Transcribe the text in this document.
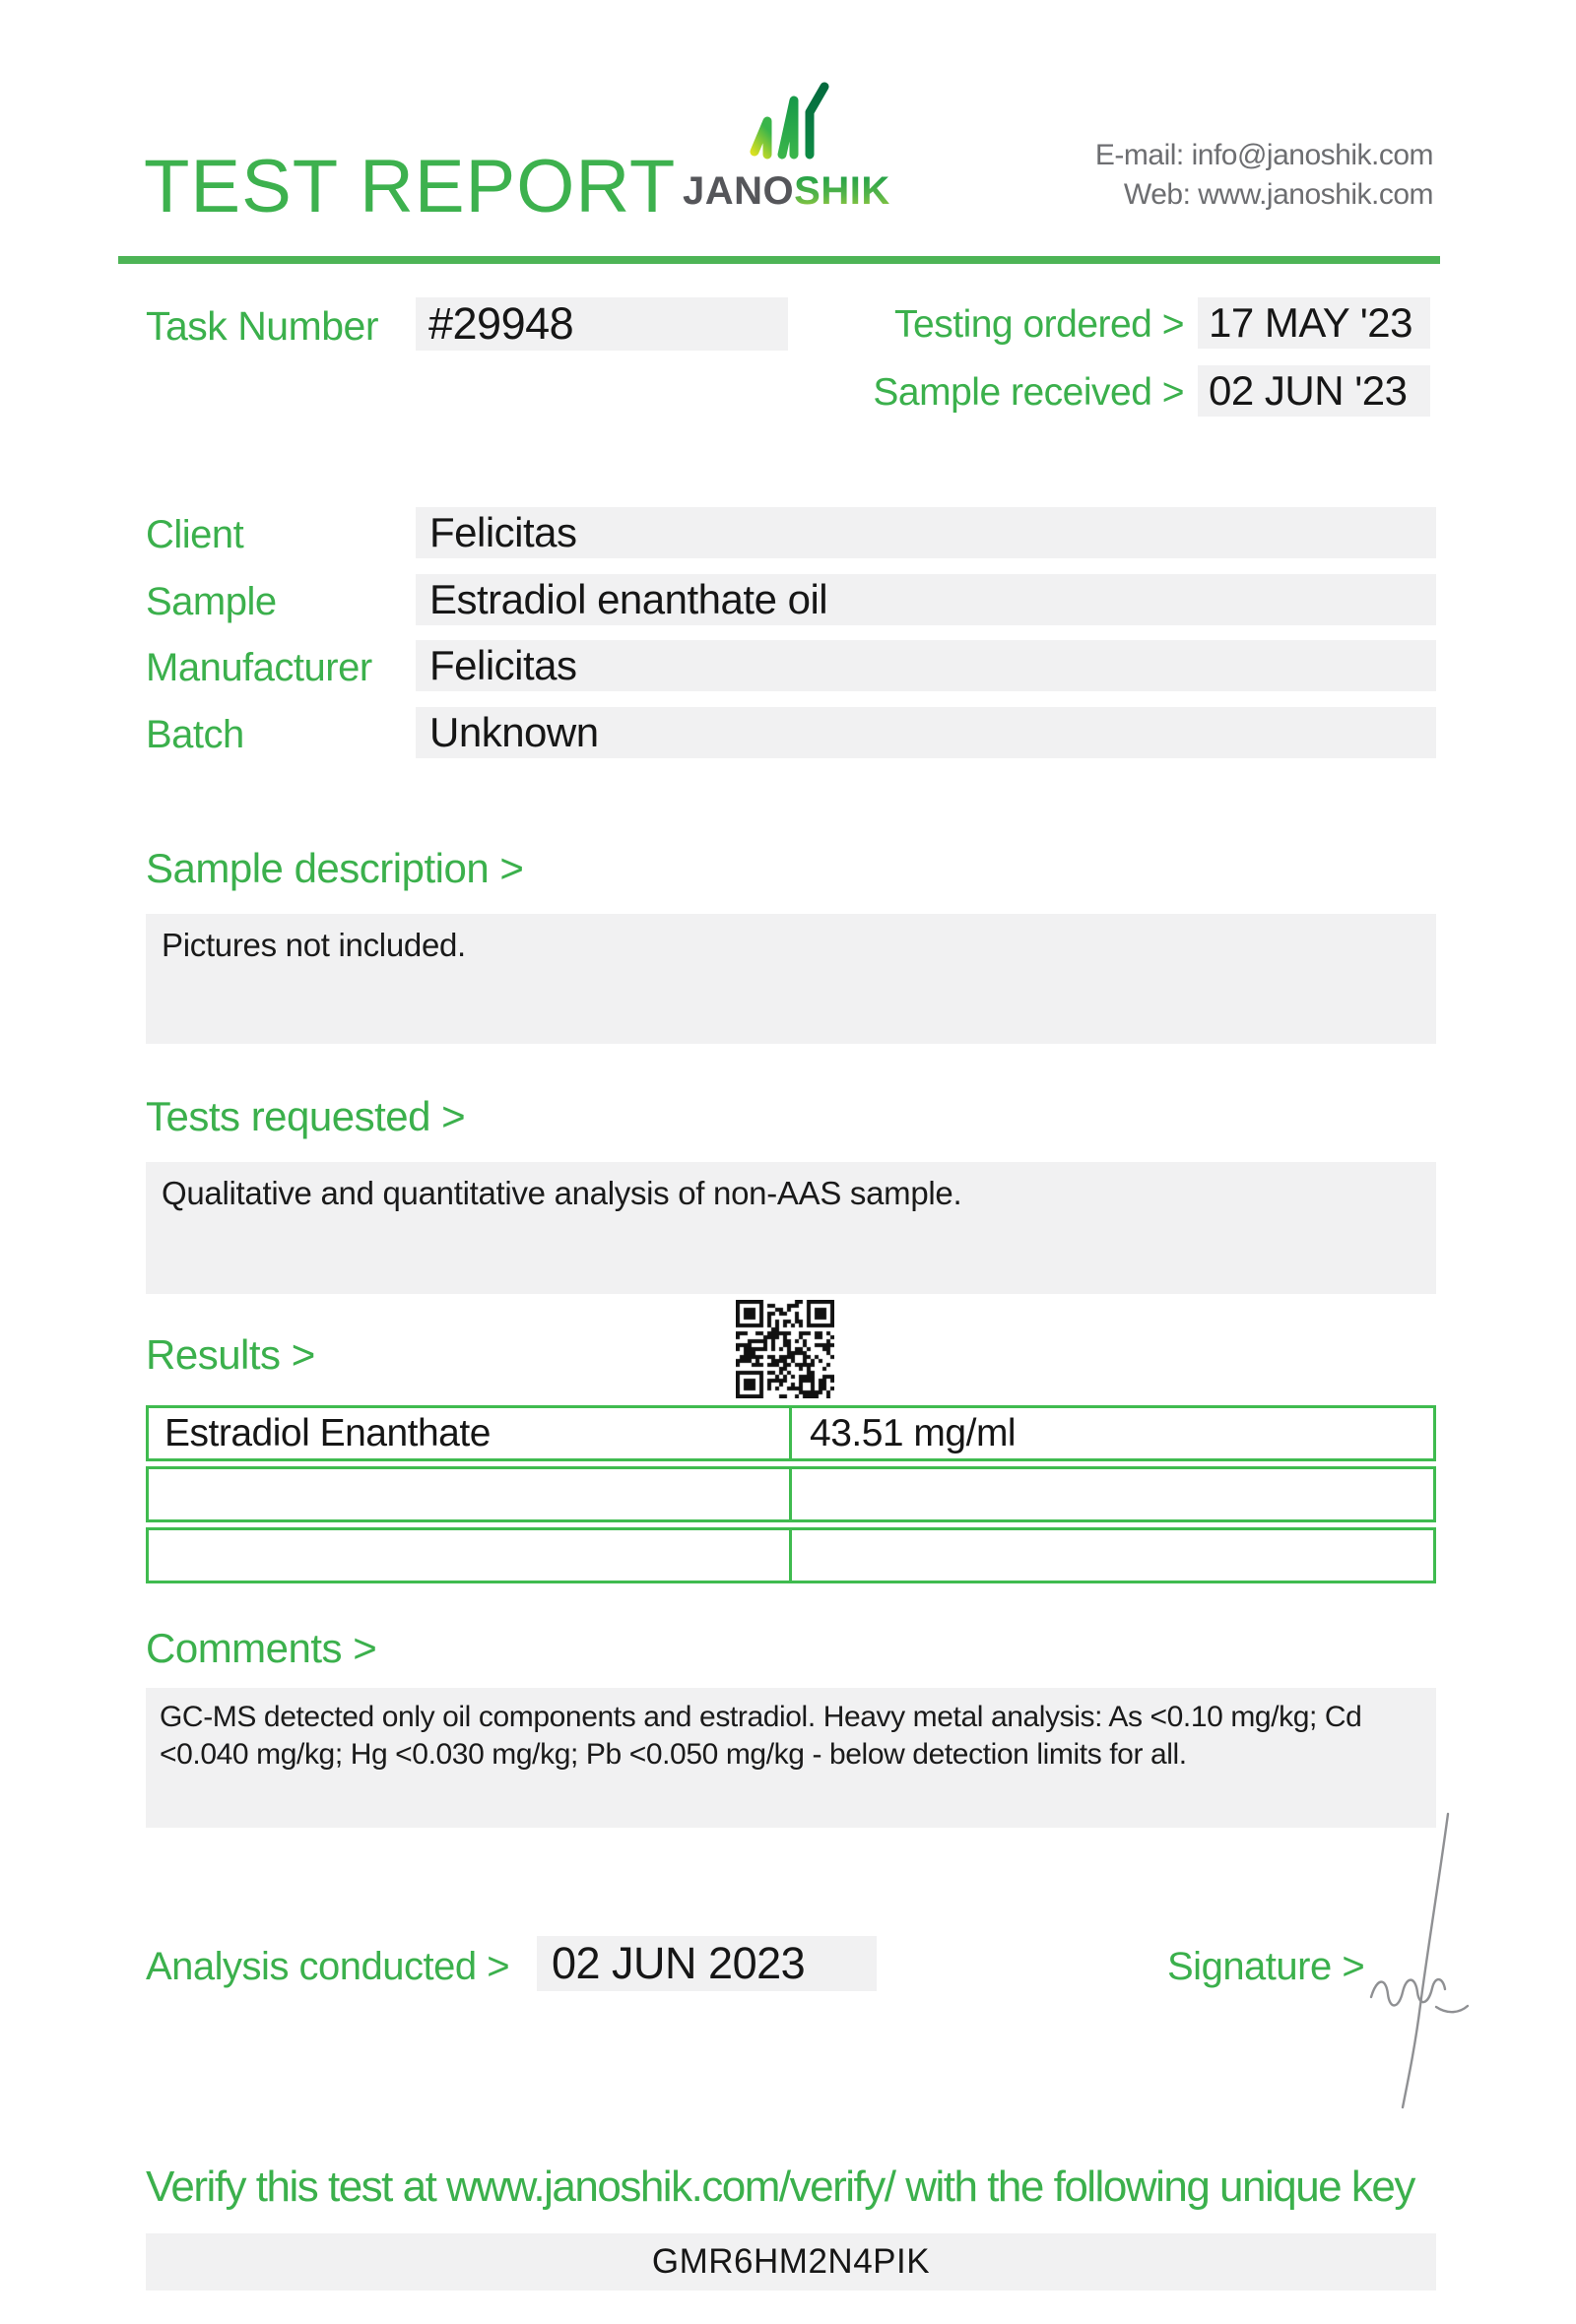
TEST REPORT JANOSHIK
E-mail: info@janoshik.com
Web: www.janoshik.com
Task Number #29948	Testing ordered > 17 MAY '23
Sample received > 02 JUN '23
Client	Felicitas
Sample	Estradiol enanthate oil
Manufacturer	Felicitas
Batch	Unknown
Sample description >
Pictures not included.
Tests requested >
Qualitative and quantitative analysis of non-AAS sample.
Results >
Estradiol Enanthate	43.51 mg/ml
Comments >
GC-MS detected only oil components and estradiol. Heavy metal analysis: As <0.10 mg/kg; Cd <0.040 mg/kg; Hg <0.030 mg/kg; Pb <0.050 mg/kg - below detection limits for all.
Analysis conducted > 02 JUN 2023	Signature >
Verify this test at www.janoshik.com/verify/ with the following unique key
GMR6HM2N4PIK
